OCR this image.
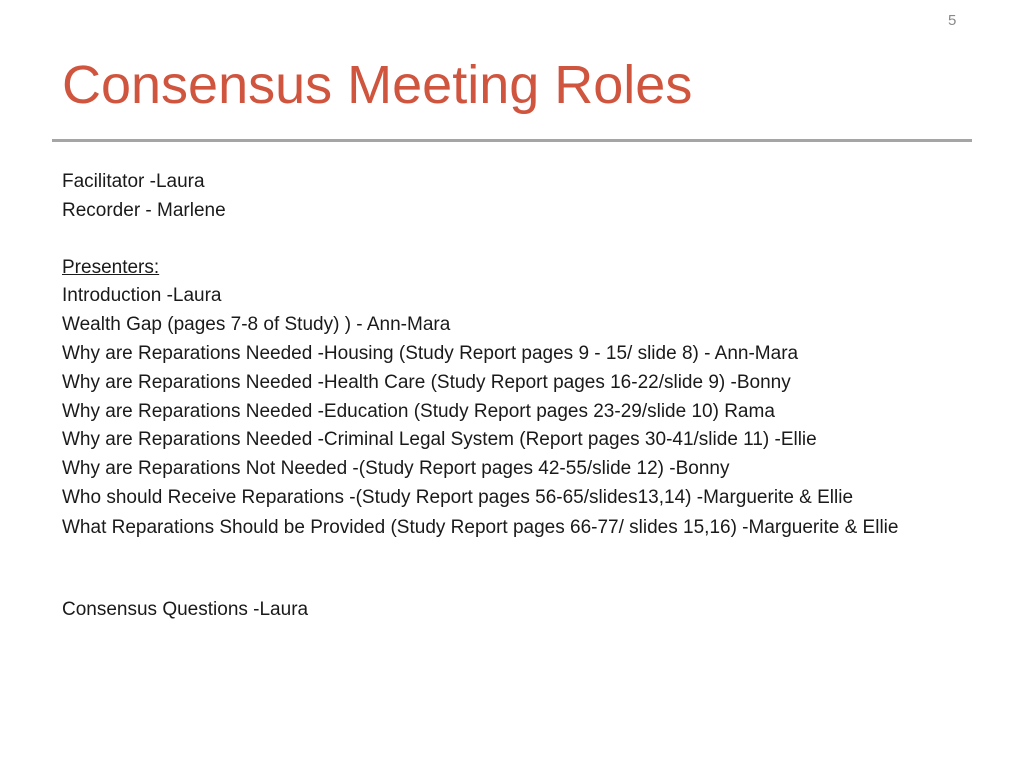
5
Consensus Meeting Roles
Facilitator -Laura
Recorder - Marlene
Presenters:
Introduction -Laura
Wealth Gap (pages 7-8 of Study) ) - Ann-Mara
Why are Reparations Needed -Housing (Study Report pages 9 - 15/ slide 8) - Ann-Mara
Why are Reparations Needed -Health Care (Study Report pages 16-22/slide 9) -Bonny
Why are Reparations Needed -Education (Study Report pages 23-29/slide 10) Rama
Why are Reparations Needed -Criminal Legal System (Report pages 30-41/slide 11) -Ellie
Why are Reparations Not Needed -(Study Report pages 42-55/slide 12) -Bonny
Who should Receive Reparations -(Study Report pages 56-65/slides13,14) -Marguerite & Ellie
What Reparations Should be Provided (Study Report pages 66-77/ slides 15,16) -Marguerite & Ellie
Consensus Questions -Laura
